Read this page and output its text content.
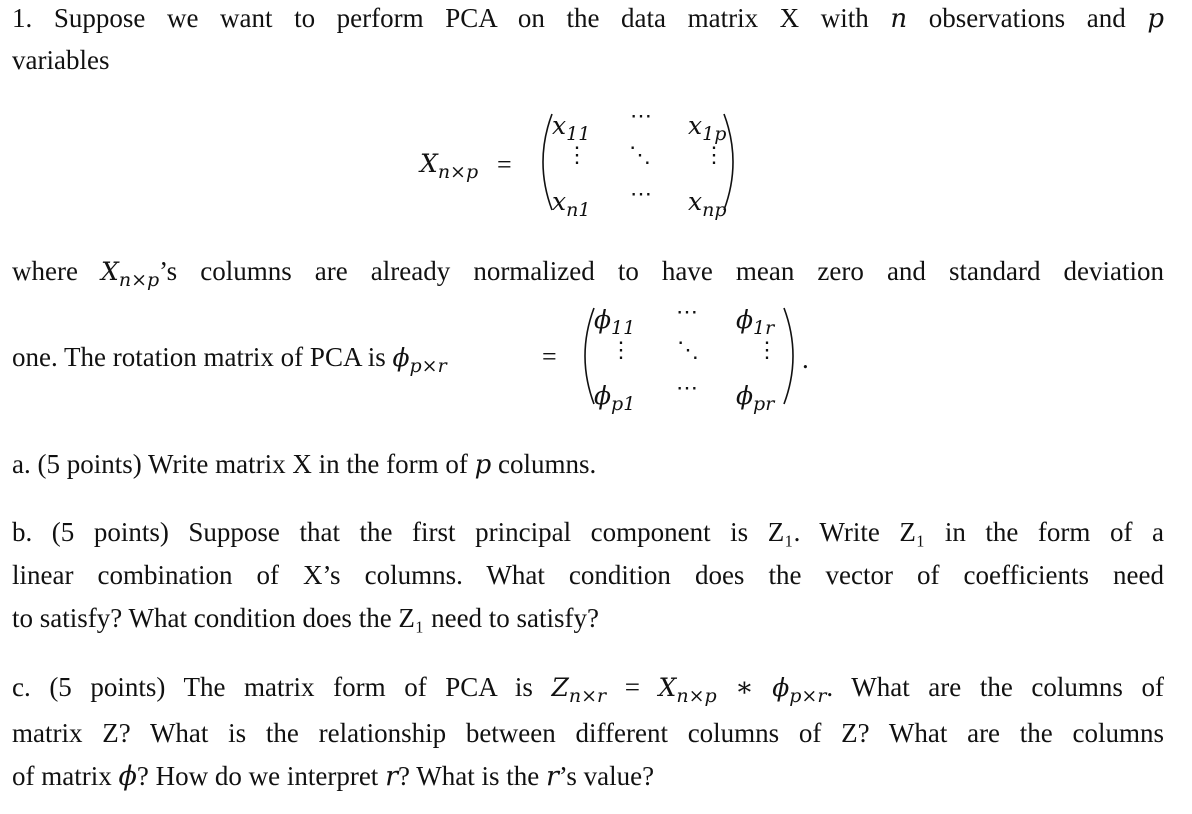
1. Suppose we want to perform PCA on the data matrix X with n observations and p
variables
$X_{n\times p}$ =
$x_{11}$
⋯ $x_{1p}$
⋮ ⋱ ⋮
$x_{n1}$
⋯ $x_{np}$
where $X_{n\times p}’s$ columns are already normalized to have mean zero and standard deviation
one. The rotation matrix of PCA is $\phi_{p\times r}$	=
$\phi_{11}$
⋯ $\phi_{1r}$
⋮ ⋱	⋮
$\phi_{p1}$
⋯ $\phi_{pr}$
.
a. (5 points) Write matrix X in the form of p columns.
b. (5 points) Suppose that the first principal component is Z₁. Write Z₁ in the form of a
linear combination of X’s columns. What condition does the vector of coefficients need
to satisfy? What condition does the Z₁ need to satisfy?
c. (5 points) The matrix form of PCA is $Z_{n\times r} = X_{n\times p}$ ∗ $\phi_{p\times r}$. What are the columns of
matrix Z? What is the relationship between different columns of Z? What are the columns
of matrix ϕ? How do we interpret r? What is the r’s value?
